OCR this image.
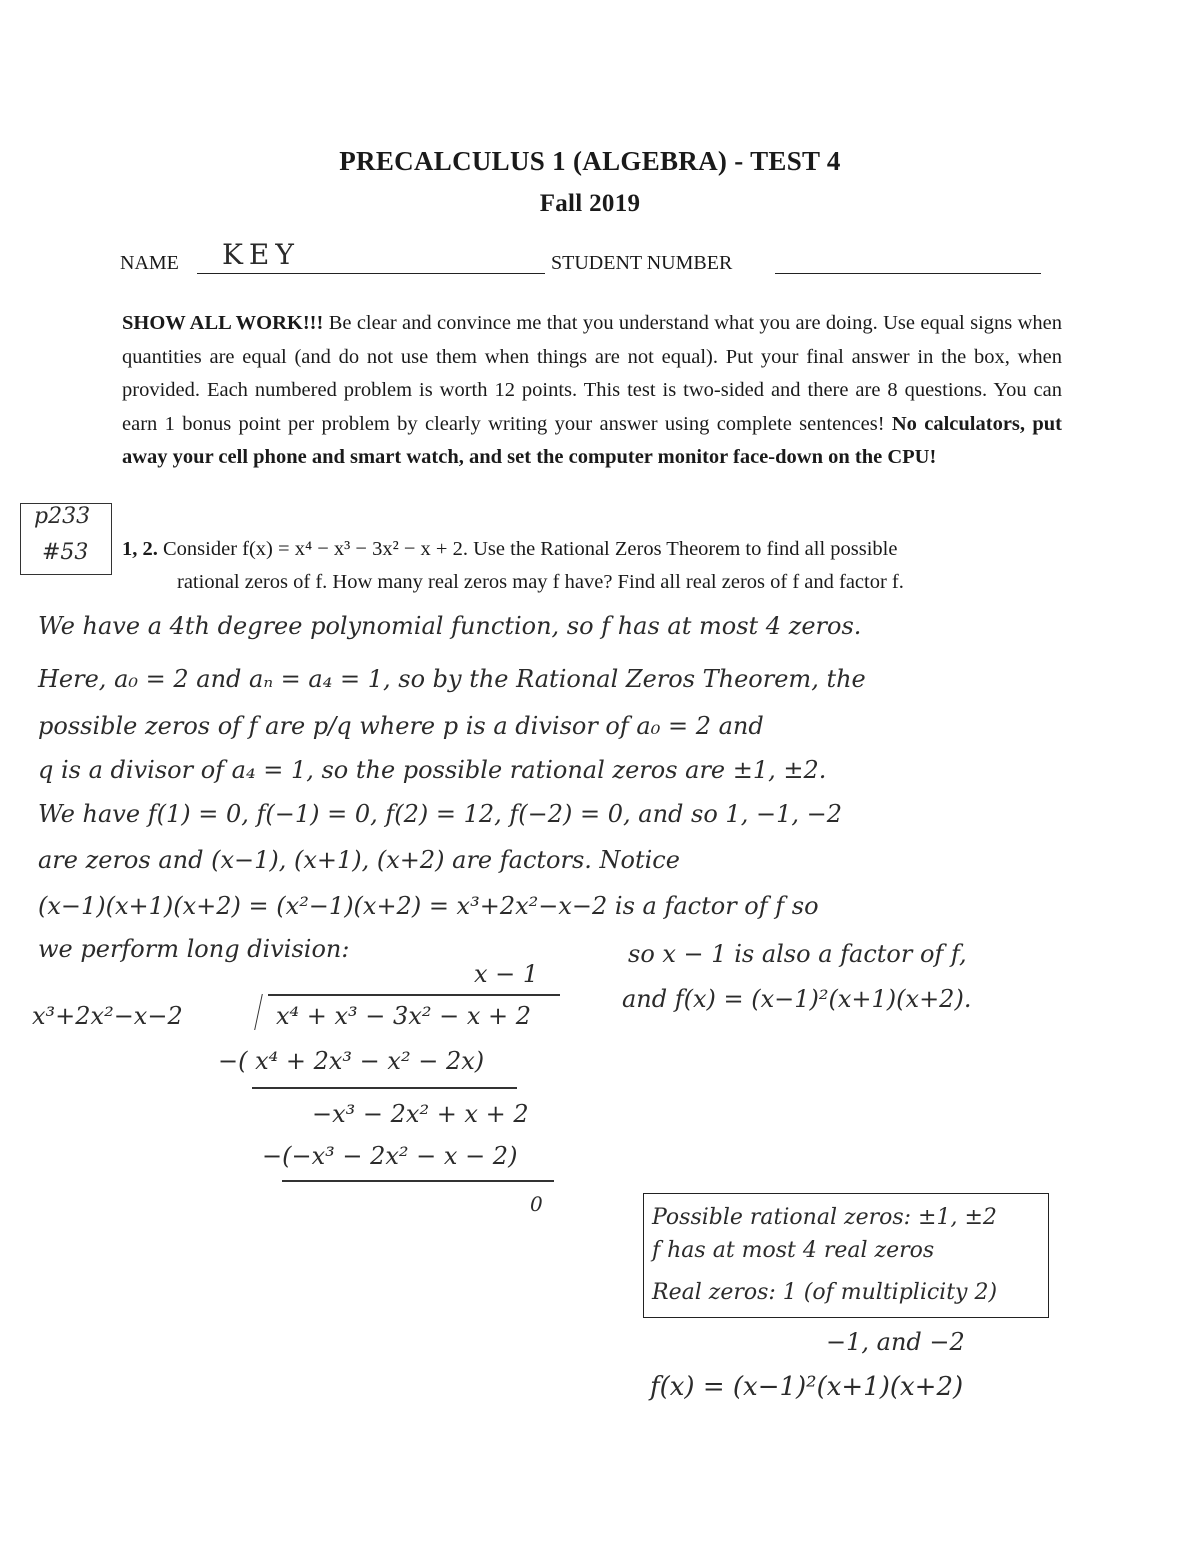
PRECALCULUS 1 (ALGEBRA) - TEST 4
Fall 2019
NAME KEY	STUDENT NUMBER
SHOW ALL WORK!!! Be clear and convince me that you understand what you are doing. Use equal signs when quantities are equal (and do not use them when things are not equal). Put your final answer in the box, when provided. Each numbered problem is worth 12 points. This test is two-sided and there are 8 questions. You can earn 1 bonus point per problem by clearly writing your answer using complete sentences! No calculators, put away your cell phone and smart watch, and set the computer monitor face-down on the CPU!
p233
#53 1, 2. Consider f(x) = x⁴ − x³ − 3x² − x + 2. Use the Rational Zeros Theorem to find all possible
rational zeros of f. How many real zeros may f have? Find all real zeros of f and factor f.
We have a 4th degree polynomial function, so f has at most 4 zeros.
Here, a₀ = 2 and aₙ = a₄ = 1, so by the Rational Zeros Theorem, the
possible zeros of f are p/q where p is a divisor of a₀ = 2 and
q is a divisor of a₄ = 1, so the possible rational zeros are ±1, ±2.
We have f(1) = 0, f(−1) = 0, f(2) = 12, f(−2) = 0, and so 1, −1, −2
are zeros and (x−1), (x+1), (x+2) are factors. Notice
(x−1)(x+1)(x+2) = (x²−1)(x+2) = x³+2x²−x−2 is a factor of f so
we perform long division:	so x − 1 is also a factor of f,
and f(x) = (x−1)²(x+1)(x+2).
x − 1
x³+2x²−x−2	x⁴ + x³ − 3x² − x + 2
−( x⁴ + 2x³ − x² − 2x)
−x³ − 2x² + x + 2
−(−x³ − 2x² − x − 2)
0
Possible rational zeros: ±1, ±2
f has at most 4 real zeros
Real zeros: 1 (of multiplicity 2)
−1, and −2
f(x) = (x−1)²(x+1)(x+2)
